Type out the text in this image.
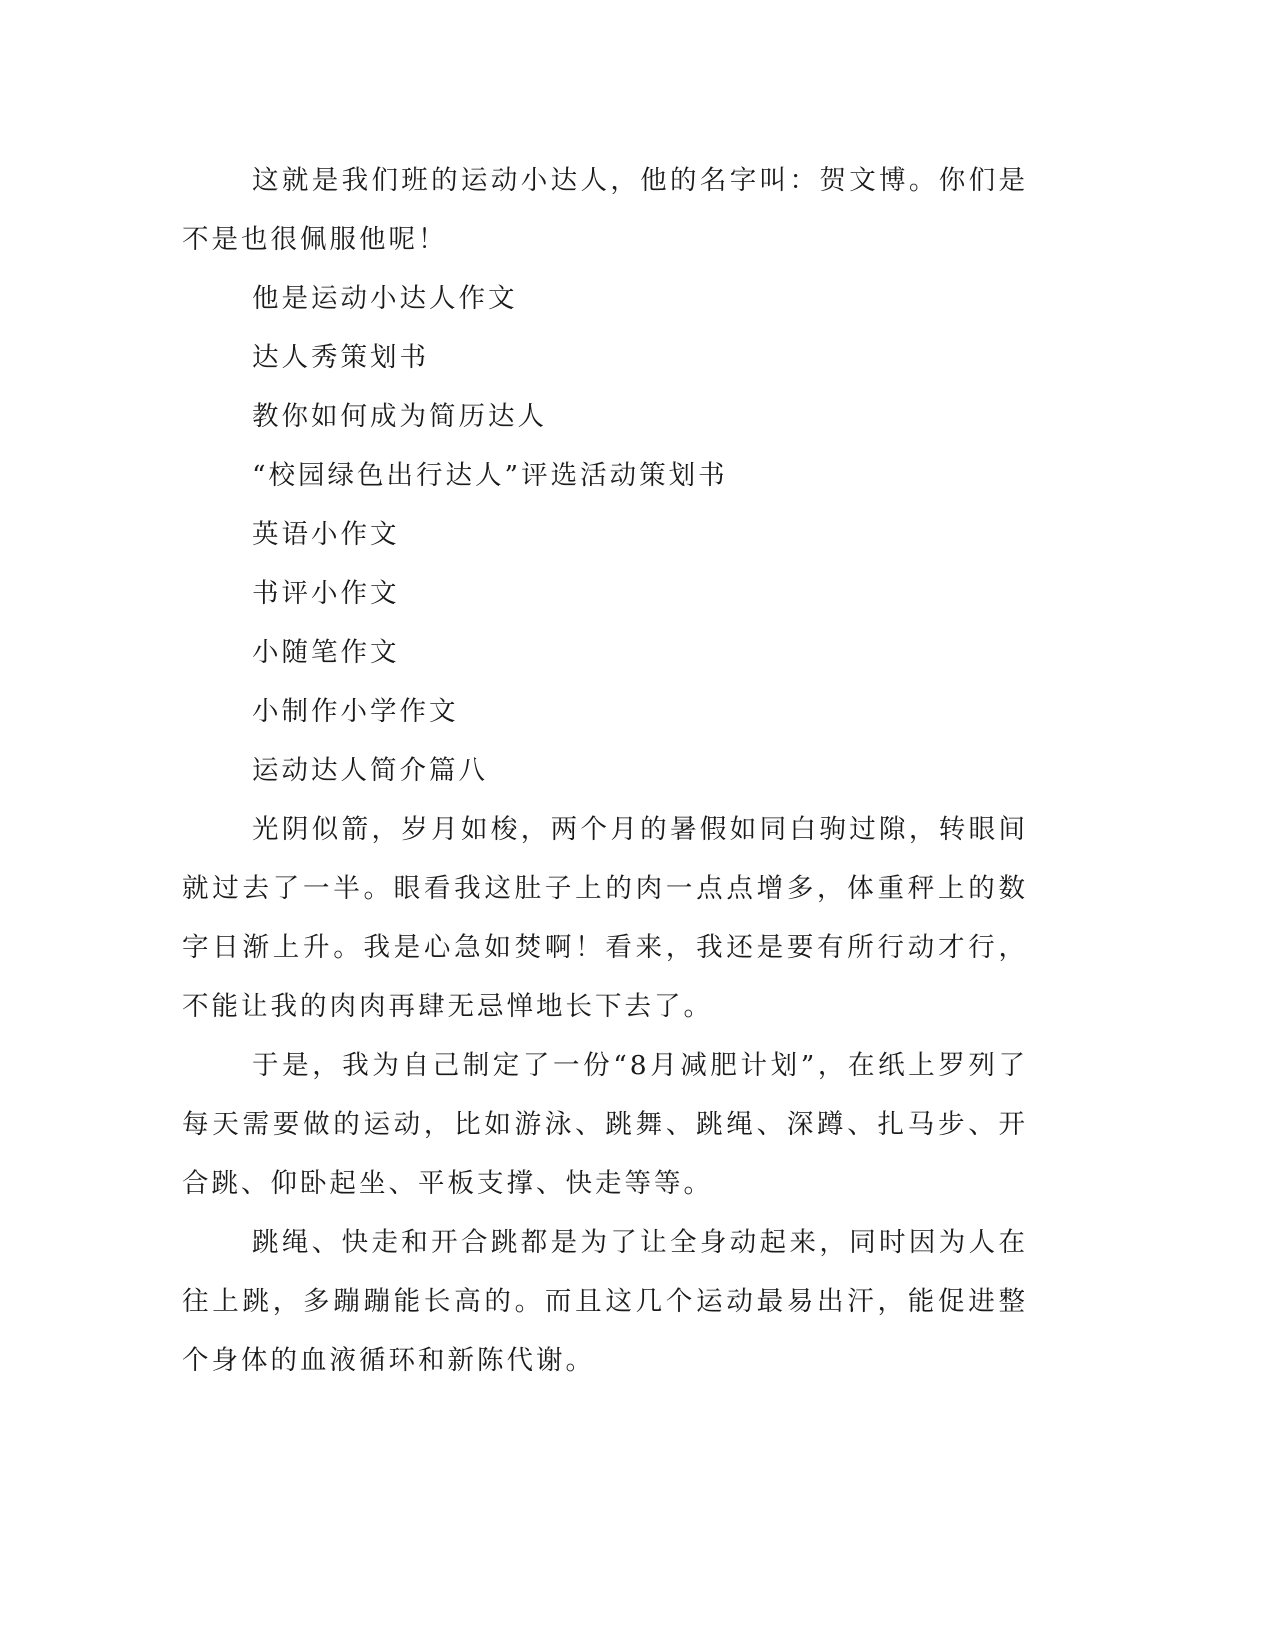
这就是我们班的运动小达人，他的名字叫：贺文博。你们是不是也很佩服他呢！

他是运动小达人作文

达人秀策划书

教你如何成为简历达人

“校园绿色出行达人”评选活动策划书

英语小作文

书评小作文

小随笔作文

小制作小学作文

运动达人简介篇八

光阴似箭，岁月如梭，两个月的暑假如同白驹过隙，转眼间就过去了一半。眼看我这肚子上的肉一点点增多，体重秤上的数字日渐上升。我是心急如焚啊！看来，我还是要有所行动才行，不能让我的肉肉再肆无忌惮地长下去了。

于是，我为自己制定了一份“8月减肥计划”，在纸上罗列了每天需要做的运动，比如游泳、跳舞、跳绳、深蹲、扎马步、开合跳、仰卧起坐、平板支撑、快走等等。

跳绳、快走和开合跳都是为了让全身动起来，同时因为人在往上跳，多蹦蹦能长高的。而且这几个运动最易出汗，能促进整个身体的血液循环和新陈代谢。
